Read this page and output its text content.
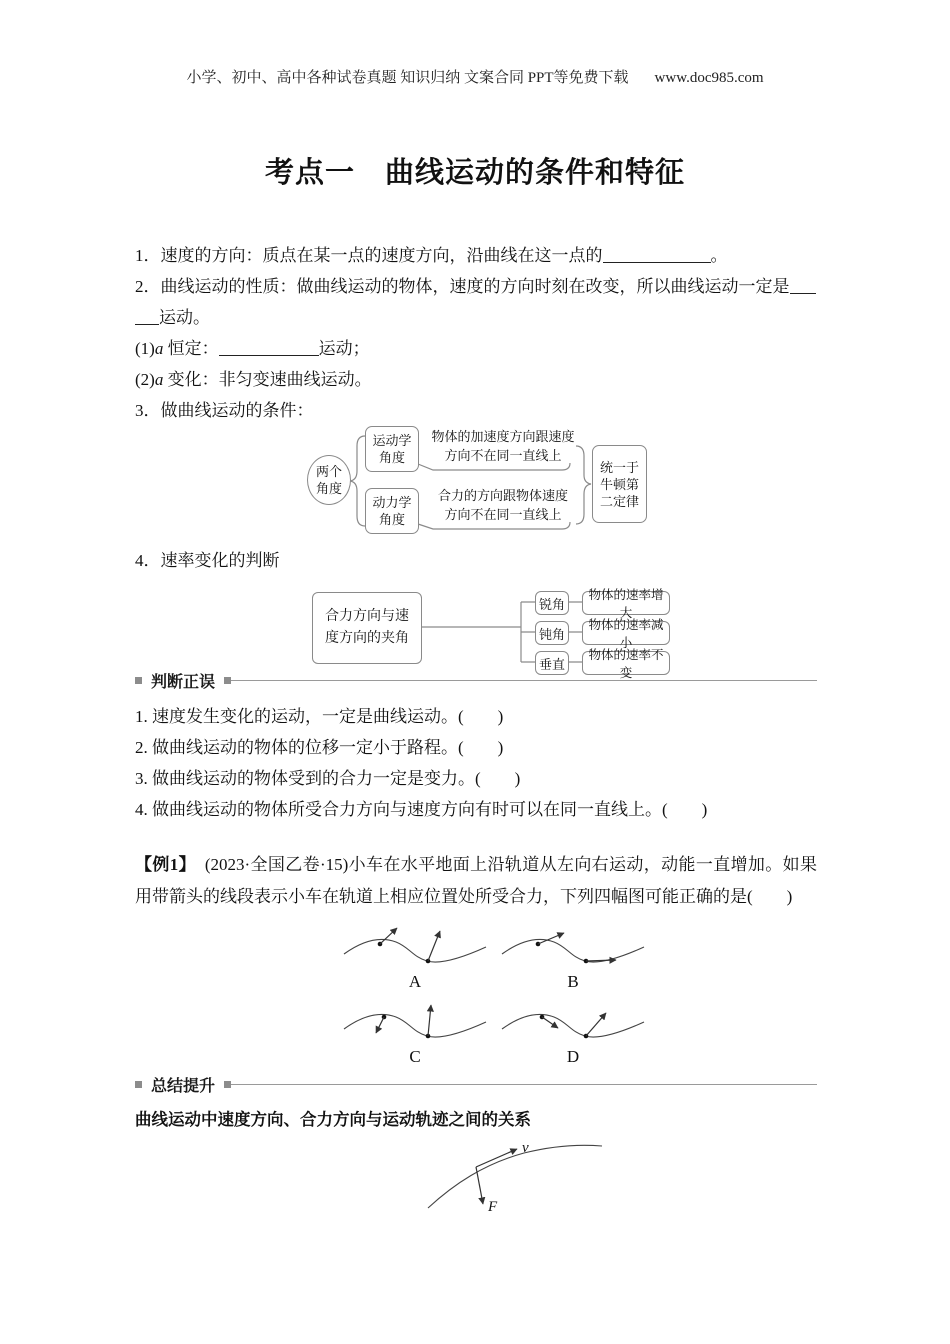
小学、初中、高中各种试卷真题 知识归纳 文案合同 PPT等免费下载 www.doc985.com
考点一　曲线运动的条件和特征
1．速度的方向：质点在某一点的速度方向，沿曲线在这一点的	。
2．曲线运动的性质：做曲线运动的物体，速度的方向时刻在改变，所以曲线运动一定是
运动。
(1)a 恒定：	运动；
(2)a 变化：非匀变速曲线运动。
3．做曲线运动的条件：
两个
角度
运动学
角度
物体的加速度方向跟速度
方向不在同一直线上
动力学
角度
合力的方向跟物体速度
方向不在同一直线上
统一于
牛顿第
二定律
4．速率变化的判断
合力方向与速
度方向的夹角
锐角
物体的速率增大
钝角
物体的速率减小
垂直
物体的速率不变
判断正误
1. 速度发生变化的运动，一定是曲线运动。(　　)
2. 做曲线运动的物体的位移一定小于路程。(　　)
3. 做曲线运动的物体受到的合力一定是变力。(　　)
4. 做曲线运动的物体所受合力方向与速度方向有时可以在同一直线上。(　　)
【例1】　 (2023·全国乙卷·15)小车在水平地面上沿轨道从左向右运动，动能一直增加。如果用带箭头的线段表示小车在轨道上相应位置处所受合力，下列四幅图可能正确的是(　　)
A	B
C	D
总结提升
曲线运动中速度方向、合力方向与运动轨迹之间的关系
v
F
